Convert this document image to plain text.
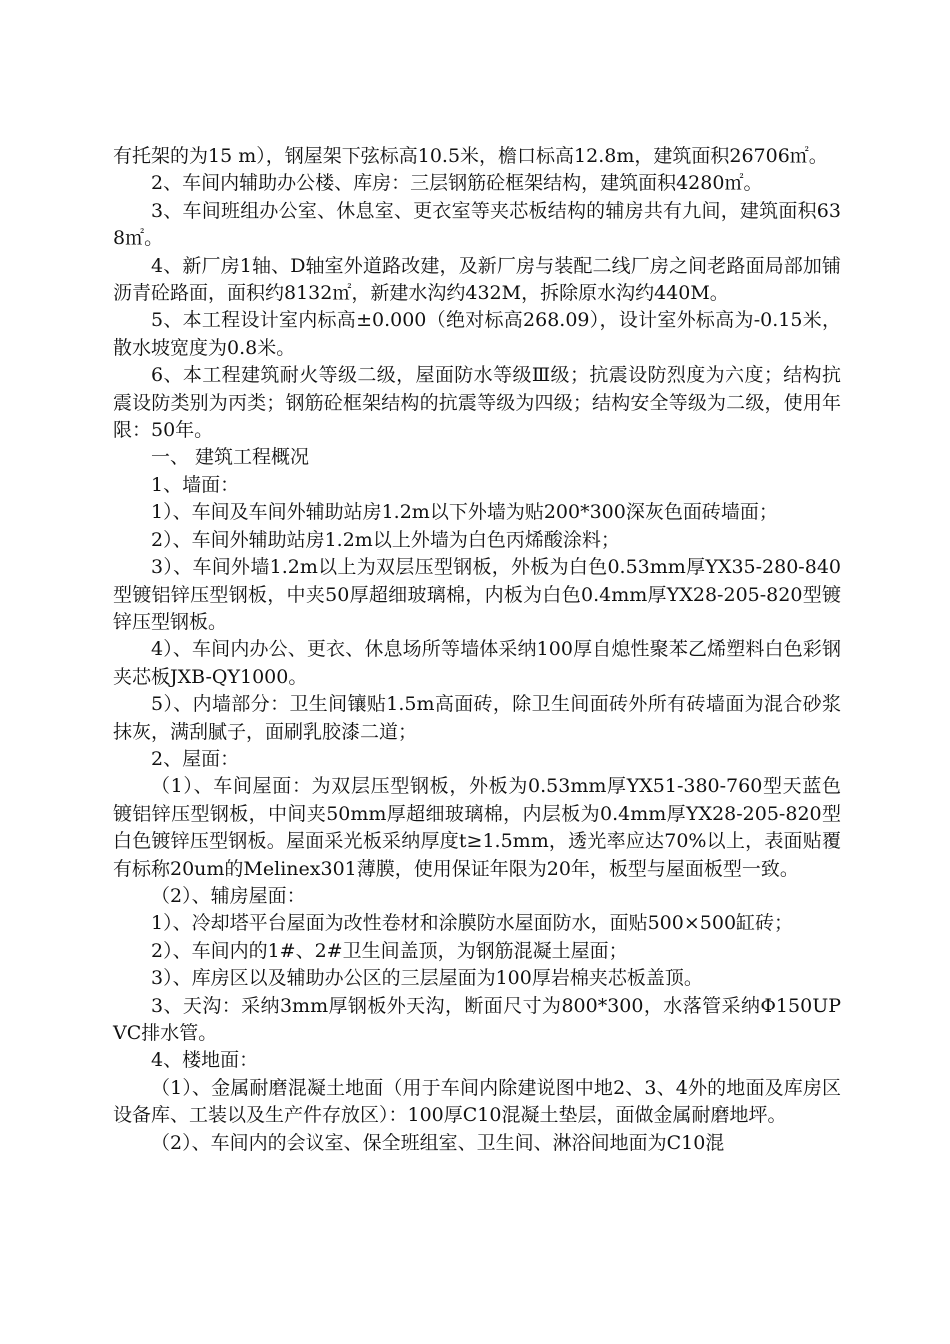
有托架的为15 m），钢屋架下弦标高10.5米，檐口标高12.8m，建筑面积26706㎡。

2、车间内辅助办公楼、库房：三层钢筋砼框架结构，建筑面积4280㎡。

3、车间班组办公室、休息室、更衣室等夹芯板结构的辅房共有九间，建筑面积638㎡。

4、新厂房1轴、D轴室外道路改建，及新厂房与装配二线厂房之间老路面局部加铺沥青砼路面，面积约8132㎡，新建水沟约432M，拆除原水沟约440M。

5、本工程设计室内标高±0.000（绝对标高268.09），设计室外标高为-0.15米，散水坡宽度为0.8米。

6、本工程建筑耐火等级二级，屋面防水等级Ⅲ级；抗震设防烈度为六度；结构抗震设防类别为丙类；钢筋砼框架结构的抗震等级为四级；结构安全等级为二级，使用年限：50年。

一、 建筑工程概况

1、墙面：

1）、车间及车间外辅助站房1.2m以下外墙为贴200*300深灰色面砖墙面；

2）、车间外辅助站房1.2m以上外墙为白色丙烯酸涂料；

3）、车间外墙1.2m以上为双层压型钢板，外板为白色0.53mm厚YX35-280-840型镀铝锌压型钢板，中夹50厚超细玻璃棉，内板为白色0.4mm厚YX28-205-820型镀锌压型钢板。

4）、车间内办公、更衣、休息场所等墙体采纳100厚自熄性聚苯乙烯塑料白色彩钢夹芯板JXB-QY1000。

5）、内墙部分：卫生间镶贴1.5m高面砖，除卫生间面砖外所有砖墙面为混合砂浆抹灰，满刮腻子，面刷乳胶漆二道；

2、屋面：

（1）、车间屋面：为双层压型钢板，外板为0.53mm厚YX51-380-760型天蓝色镀铝锌压型钢板，中间夹50mm厚超细玻璃棉，内层板为0.4mm厚YX28-205-820型白色镀锌压型钢板。屋面采光板采纳厚度t≥1.5mm，透光率应达70%以上，表面贴覆有标称20um的Melinex301薄膜，使用保证年限为20年，板型与屋面板型一致。

（2）、辅房屋面：

1）、冷却塔平台屋面为改性卷材和涂膜防水屋面防水，面贴500×500缸砖；

2）、车间内的1#、2#卫生间盖顶，为钢筋混凝土屋面；

3）、库房区以及辅助办公区的三层屋面为100厚岩棉夹芯板盖顶。

3、天沟：采纳3mm厚钢板外天沟，断面尺寸为800*300，水落管采纳Φ150UPVC排水管。

4、楼地面：

（1）、金属耐磨混凝土地面（用于车间内除建说图中地2、3、4外的地面及库房区设备库、工装以及生产件存放区）：100厚C10混凝土垫层，面做金属耐磨地坪。

（2）、车间内的会议室、保全班组室、卫生间、淋浴间地面为C10混
